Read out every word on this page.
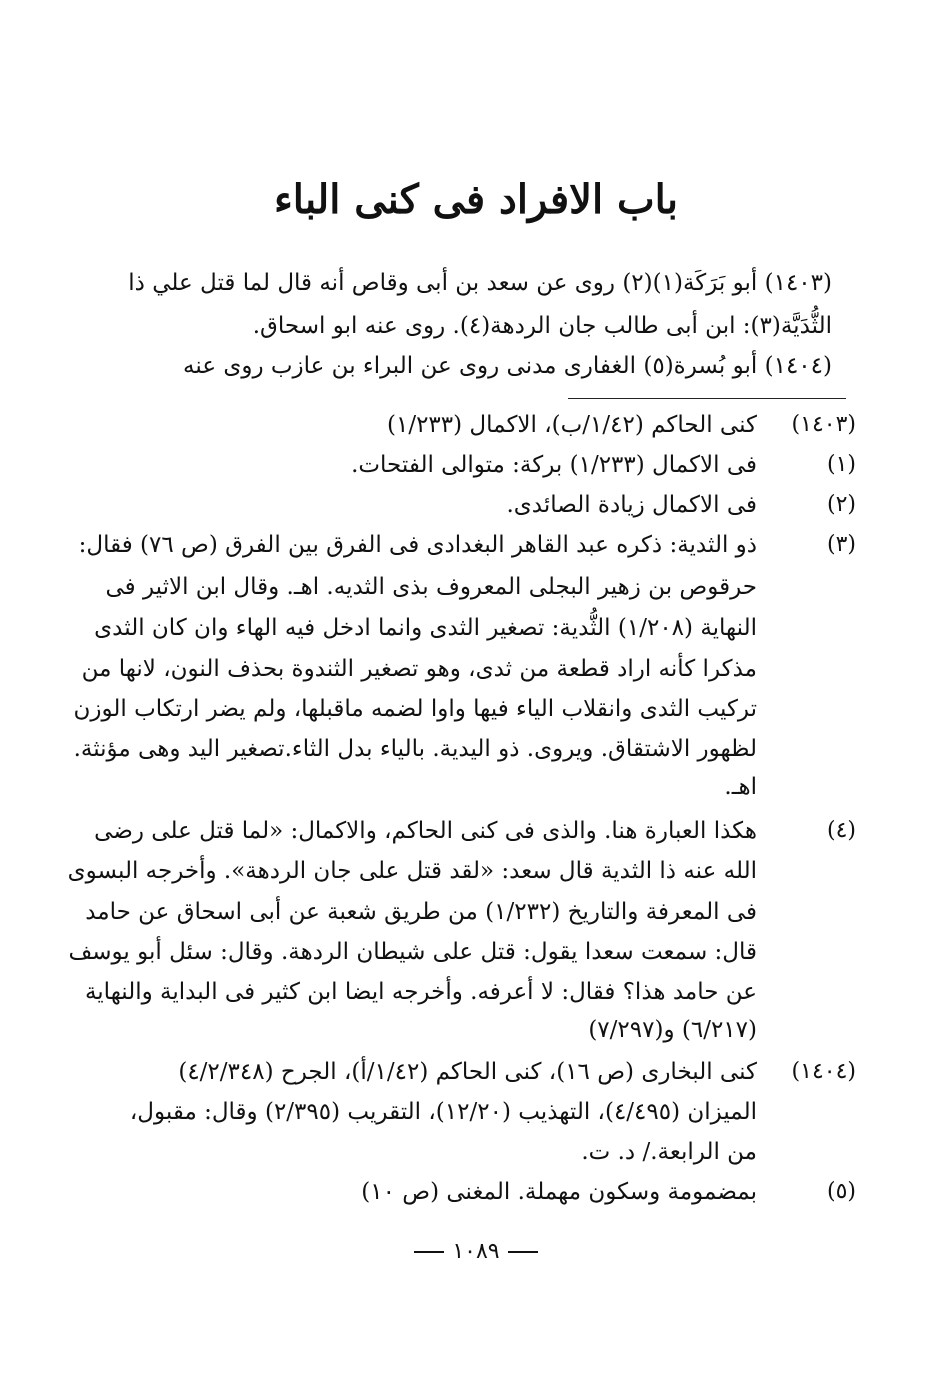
باب الافراد فى كنى الباء
(١٤٠٣) أبو بَرَكَة(١)(٢) روى عن سعد بن أبى وقاص أنه قال لما قتل علي ذا
الثُّدَيَّة(٣): ابن أبى طالب جان الردهة(٤). روى عنه ابو اسحاق.
(١٤٠٤) أبو بُسرة(٥) الغفارى مدنى روى عن البراء بن عازب روى عنه
(١٤٠٣)
كنى الحاكم (١/٤٢/ب)، الاكمال (١/٢٣٣)
(١)
فى الاكمال (١/٢٣٣) بركة: متوالى الفتحات.
(٢)
فى الاكمال زيادة الصائدى.
(٣)
ذو الثدية: ذكره عبد القاهر البغدادى فى الفرق بين الفرق (ص ٧٦) فقال:
حرقوص بن زهير البجلى المعروف بذى الثديه. اهـ. وقال ابن الاثير فى
النهاية (١/٢٠٨) الثُّدية: تصغير الثدى وانما ادخل فيه الهاء وان كان الثدى
مذكرا كأنه اراد قطعة من ثدى، وهو تصغير الثندوة بحذف النون، لانها من
تركيب الثدى وانقلاب الياء فيها واوا لضمه ماقبلها، ولم يضر ارتكاب الوزن
لظهور الاشتقاق. ويروى. ذو اليدية. بالياء بدل الثاء.تصغير اليد وهى مؤنثة.
اهـ.
(٤)
هكذا العبارة هنا. والذى فى كنى الحاكم، والاكمال: «لما قتل على رضى
الله عنه ذا الثدية قال سعد: «لقد قتل على جان الردهة». وأخرجه البسوى
فى المعرفة والتاريخ (١/٢٣٢) من طريق شعبة عن أبى اسحاق عن حامد
قال: سمعت سعدا يقول: قتل على شيطان الردهة. وقال: سئل أبو يوسف
عن حامد هذا؟ فقال: لا أعرفه. وأخرجه ايضا ابن كثير فى البداية والنهاية
(٦/٢١٧) و(٧/٢٩٧)
(١٤٠٤)
كنى البخارى (ص ١٦)، كنى الحاكم (١/٤٢/أ)، الجرح (٤/٢/٣٤٨)
الميزان (٤/٤٩٥)، التهذيب (١٢/٢٠)، التقريب (٢/٣٩٥) وقال: مقبول،
من الرابعة./ د. ت.
(٥)
بمضمومة وسكون مهملة. المغنى (ص ١٠)
١٠٨٩
